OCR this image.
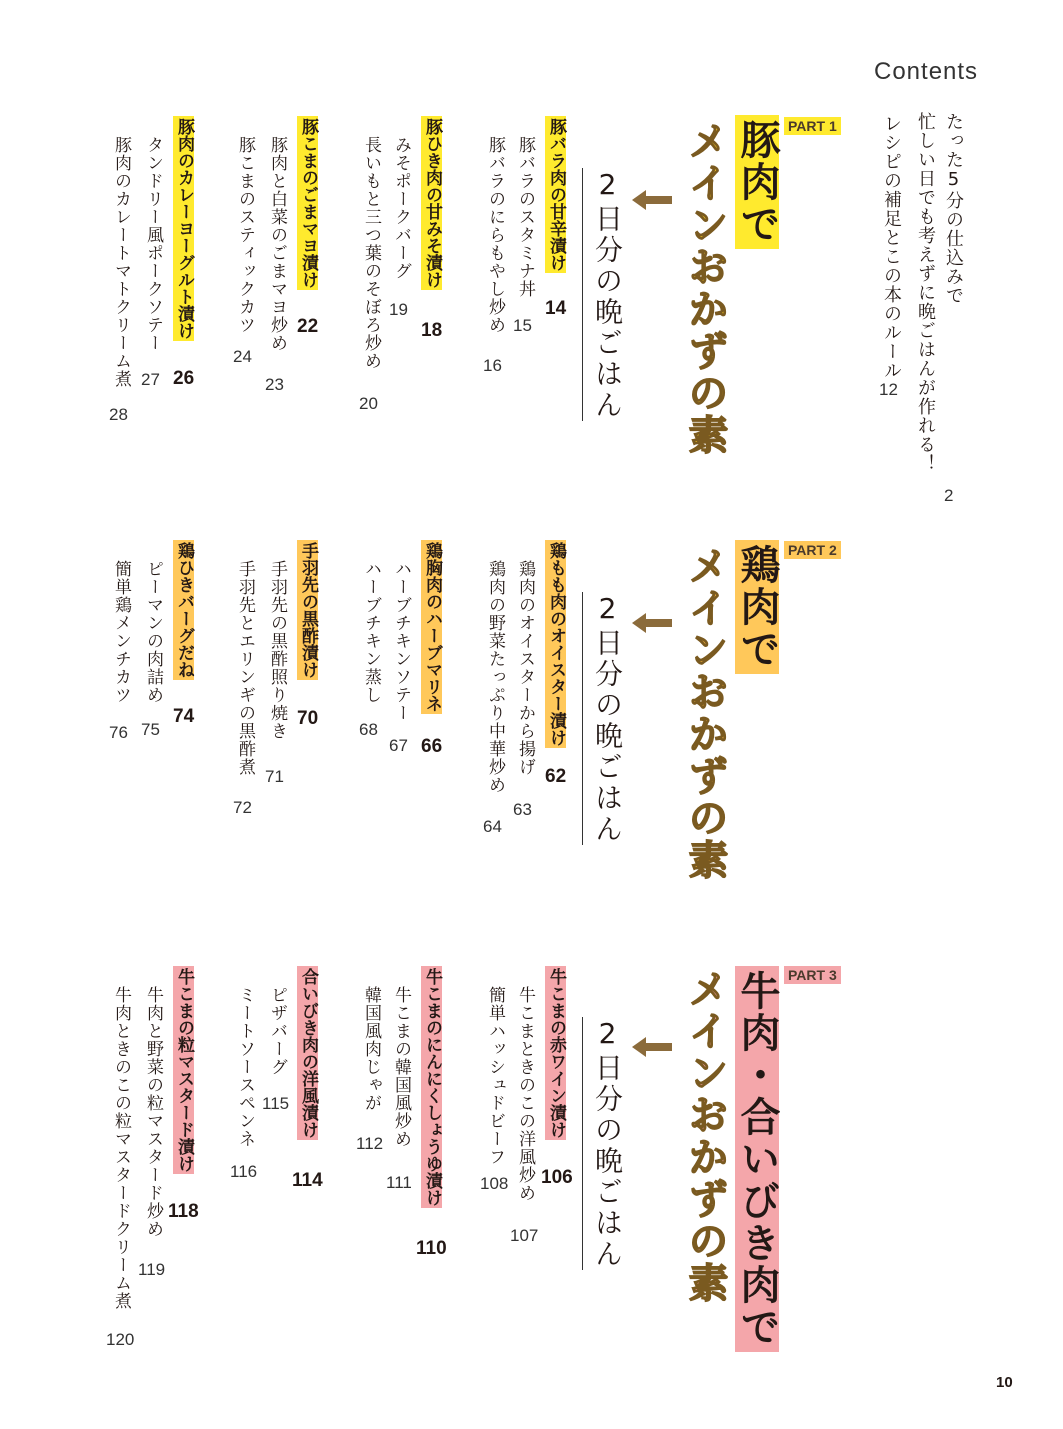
Contents
10
たった5分の仕込みで
忙しい日でも考えずに晩ごはんが作れる！
2
レシピの補足とこの本のルール
12
PART 1
豚肉で
メインおかずの素
2日分の晩ごはん
豚バラ肉の甘辛漬け
14
豚バラのスタミナ丼
15
豚バラのにらもやし炒め
16
豚ひき肉の甘みそ漬け
18
みそポークバーグ
19
長いもと三つ葉のそぼろ炒め
20
豚こまのごまマヨ漬け
22
豚肉と白菜のごまマヨ炒め
23
豚こまのスティックカツ
24
豚肉のカレーヨーグルト漬け
26
タンドリー風ポークソテー
27
豚肉のカレートマトクリーム煮
28
PART 2
鶏肉で
メインおかずの素
2日分の晩ごはん
鶏もも肉のオイスター漬け
62
鶏肉のオイスターから揚げ
63
鶏肉の野菜たっぷり中華炒め
64
鶏胸肉のハーブマリネ
66
ハーブチキンソテー
67
ハーブチキン蒸し
68
手羽先の黒酢漬け
70
手羽先の黒酢照り焼き
71
手羽先とエリンギの黒酢煮
72
鶏ひきバーグだね
74
ピーマンの肉詰め
75
簡単鶏メンチカツ
76
PART 3
牛肉・合いびき肉で
メインおかずの素
2日分の晩ごはん
牛こまの赤ワイン漬け
106
牛こまときのこの洋風炒め
107
簡単ハッシュドビーフ
108
牛こまのにんにくしょうゆ漬け
110
牛こまの韓国風炒め
111
韓国風肉じゃが
112
合いびき肉の洋風漬け
114
ピザバーグ
115
ミートソースペンネ
116
牛こまの粒マスタード漬け
118
牛肉と野菜の粒マスタード炒め
119
牛肉ときのこの粒マスタードクリーム煮
120
